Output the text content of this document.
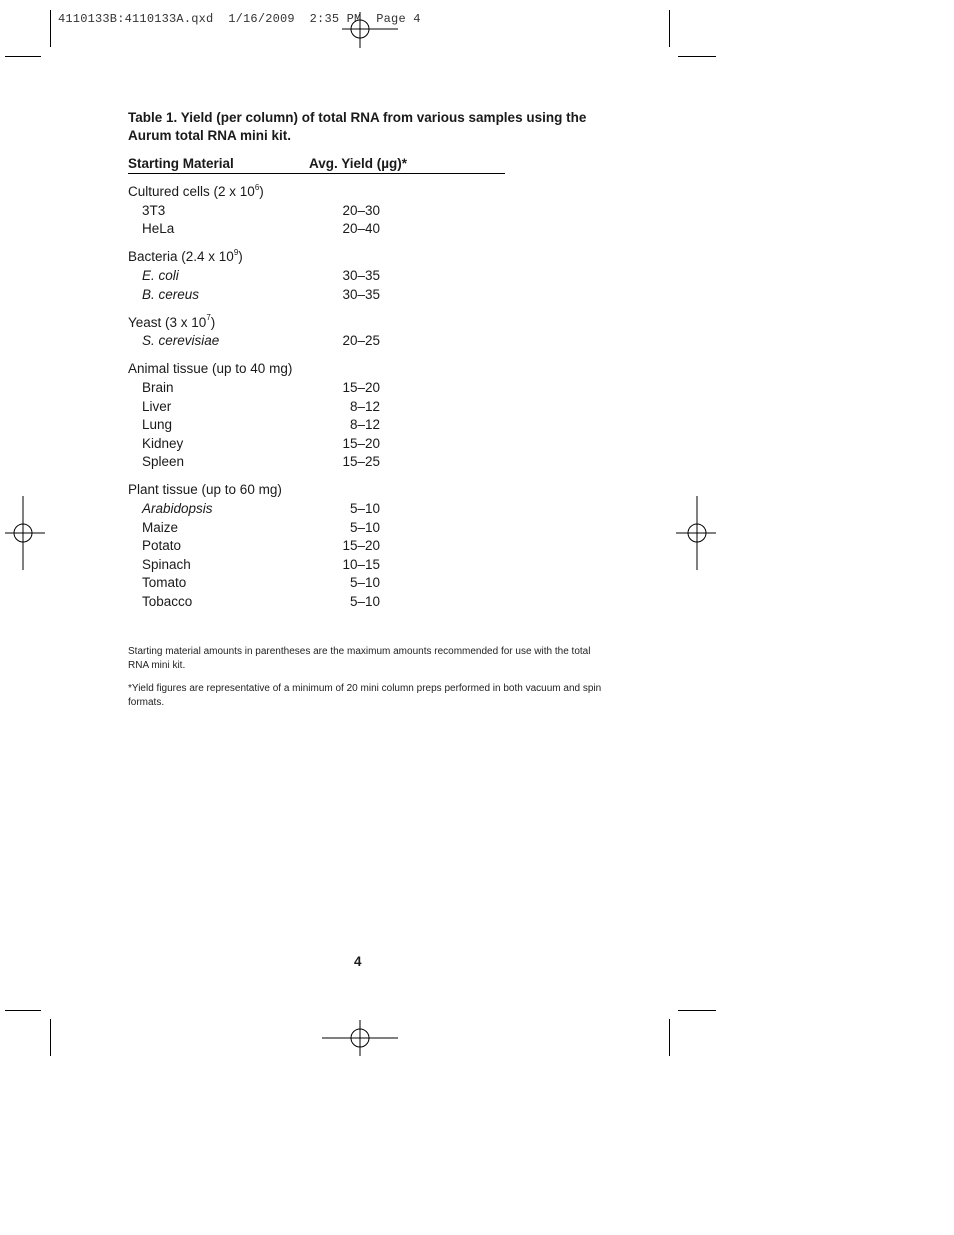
4110133B:4110133A.qxd  1/16/2009  2:35 PM  Page 4
Table 1. Yield (per column) of total RNA from various samples using the Aurum total RNA mini kit.
Starting Material	Avg. Yield (µg)*
Cultured cells (2 x $10^6$)
3T3	20–30
HeLa	20–40
Bacteria (2.4 x $10^9$)
E. coli	30–35
B. cereus	30–35
Yeast (3 x $10^7$)
S. cerevisiae	20–25
Animal tissue (up to 40 mg)
Brain	15–20
Liver	8–12
Lung	8–12
Kidney	15–20
Spleen	15–25
Plant tissue (up to 60 mg)
Arabidopsis	5–10
Maize	5–10
Potato	15–20
Spinach	10–15
Tomato	5–10
Tobacco	5–10
Starting material amounts in parentheses are the maximum amounts recommended for use with the total RNA mini kit.
*Yield figures are representative of a minimum of 20 mini column preps performed in both vacuum and spin formats.
4
